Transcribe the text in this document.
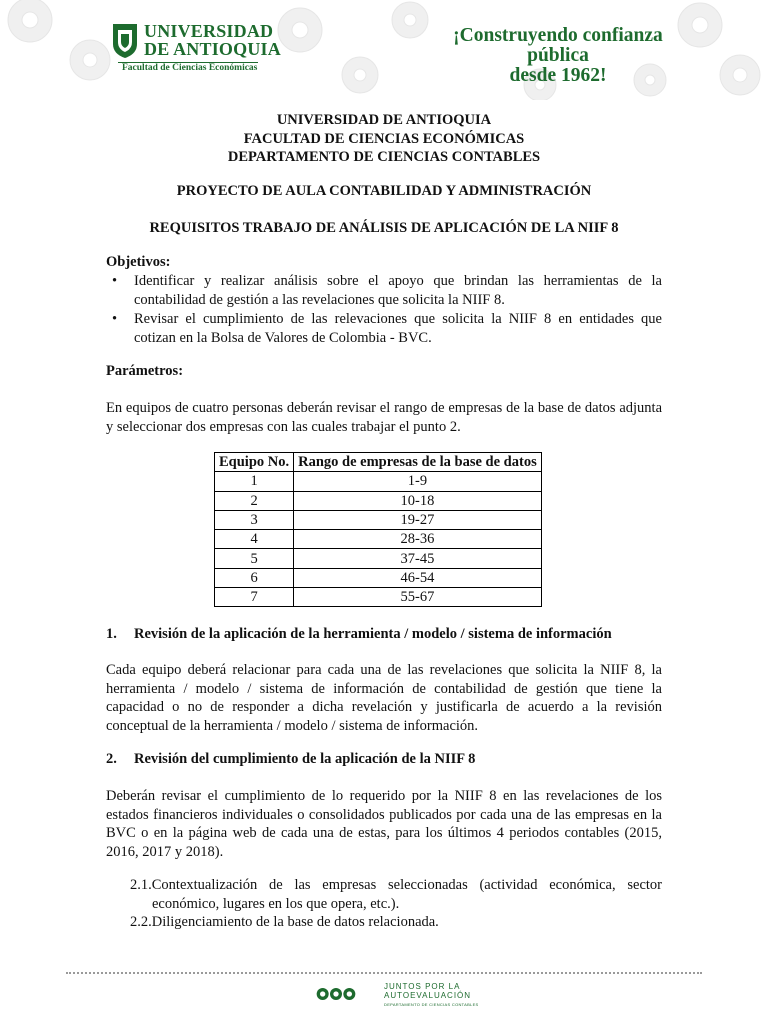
UNIVERSIDAD
DE ANTIOQUIA
Facultad de Ciencias Económicas
¡Construyendo confianza pública
desde 1962!
UNIVERSIDAD DE ANTIOQUIA
FACULTAD DE CIENCIAS ECONÓMICAS
DEPARTAMENTO DE CIENCIAS CONTABLES
PROYECTO DE AULA CONTABILIDAD Y ADMINISTRACIÓN
REQUISITOS TRABAJO DE ANÁLISIS DE APLICACIÓN DE LA NIIF 8
Objetivos:
• Identificar y realizar análisis sobre el apoyo que brindan las herramientas de la contabilidad de gestión a las revelaciones que solicita la NIIF 8.
• Revisar el cumplimiento de las relevaciones que solicita la NIIF 8 en entidades que cotizan en la Bolsa de Valores de Colombia - BVC.
Parámetros:
En equipos de cuatro personas deberán revisar el rango de empresas de la base de datos adjunta y seleccionar dos empresas con las cuales trabajar el punto 2.
Equipo No.	Rango de empresas de la base de datos
1	1-9
2	10-18
3	19-27
4	28-36
5	37-45
6	46-54
7	55-67
1. Revisión de la aplicación de la herramienta / modelo / sistema de información
Cada equipo deberá relacionar para cada una de las revelaciones que solicita la NIIF 8, la herramienta / modelo / sistema de información de contabilidad de gestión que tiene la capacidad o no de responder a dicha revelación y justificarla de acuerdo a la revisión conceptual de la herramienta / modelo / sistema de información.
2. Revisión del cumplimiento de la aplicación de la NIIF 8
Deberán revisar el cumplimiento de lo requerido por la NIIF 8 en las revelaciones de los estados financieros individuales o consolidados publicados por cada una de las empresas en la BVC o en la página web de cada una de estas, para los últimos 4 periodos contables (2015, 2016, 2017 y 2018).
2.1.Contextualización de las empresas seleccionadas (actividad económica, sector económico, lugares en los que opera, etc.).
2.2.Diligenciamiento de la base de datos relacionada.
JUNTOS POR LA
AUTOEVALUACIÓN
DEPARTAMENTO DE CIENCIAS CONTABLES
